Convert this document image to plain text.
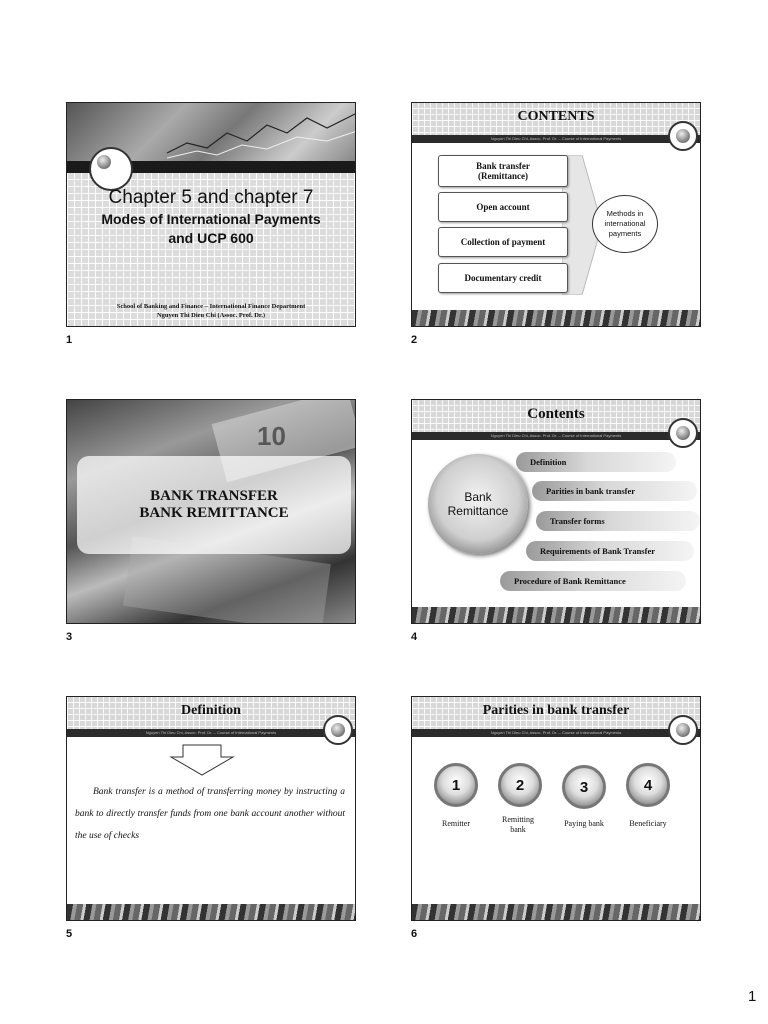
Chapter 5 and chapter 7
Modes of International Payments
and UCP 600
School of Banking and Finance – International Finance Department
Nguyen Thi Dieu Chi (Assoc. Prof. Dr.)
1
Nguyen Thi Dieu Chi, Assoc. Prof. Dr. – Course of International Payments
CONTENTS
Bank transfer
(Remittance)
Open account
Collection of payment
Documentary credit
Methods in international payments
2
10
BANK TRANSFER
BANK REMITTANCE
3
Nguyen Thi Dieu Chi, Assoc. Prof. Dr. – Course of International Payments
Contents
Definition
Parities in bank transfer
Transfer forms
Requirements of Bank Transfer
Procedure of Bank Remittance
Bank
Remittance
4
Nguyen Thi Dieu Chi, Assoc. Prof. Dr. – Course of International Payments
Definition
Bank transfer is a method of transferring money by instructing a bank to directly transfer funds from one bank account another without the use of checks
5
Nguyen Thi Dieu Chi, Assoc. Prof. Dr. – Course of International Payments
Parities in bank transfer
1
Remitter
2
Remitting bank
3
Paying bank
4
Beneficiary
6
1
